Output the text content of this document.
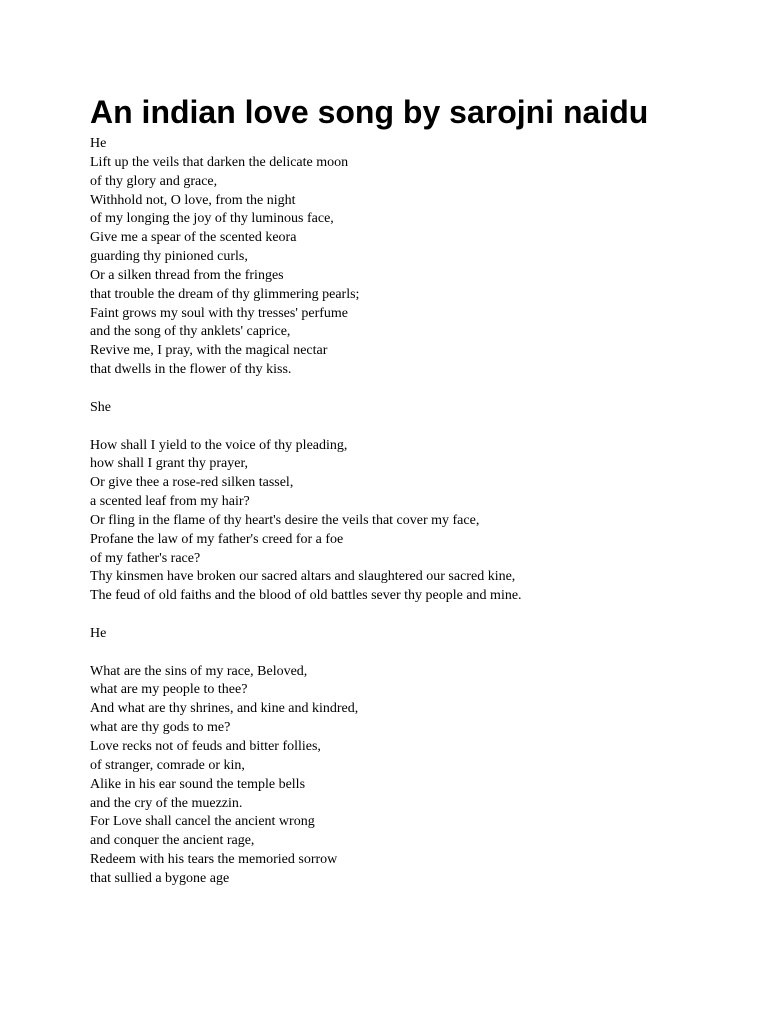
An indian love song by sarojni naidu
He
Lift up the veils that darken the delicate moon
of thy glory and grace,
Withhold not, O love, from the night
of my longing the joy of thy luminous face,
Give me a spear of the scented keora
guarding thy pinioned curls,
Or a silken thread from the fringes
that trouble the dream of thy glimmering pearls;
Faint grows my soul with thy tresses' perfume
and the song of thy anklets' caprice,
Revive me, I pray, with the magical nectar
that dwells in the flower of thy kiss.
She
How shall I yield to the voice of thy pleading,
how shall I grant thy prayer,
Or give thee a rose-red silken tassel,
a scented leaf from my hair?
Or fling in the flame of thy heart's desire the veils that cover my face,
Profane the law of my father's creed for a foe
of my father's race?
Thy kinsmen have broken our sacred altars and slaughtered our sacred kine,
The feud of old faiths and the blood of old battles sever thy people and mine.
He
What are the sins of my race, Beloved,
what are my people to thee?
And what are thy shrines, and kine and kindred,
what are thy gods to me?
Love recks not of feuds and bitter follies,
of stranger, comrade or kin,
Alike in his ear sound the temple bells
and the cry of the muezzin.
For Love shall cancel the ancient wrong
and conquer the ancient rage,
Redeem with his tears the memoried sorrow
that sullied a bygone age
